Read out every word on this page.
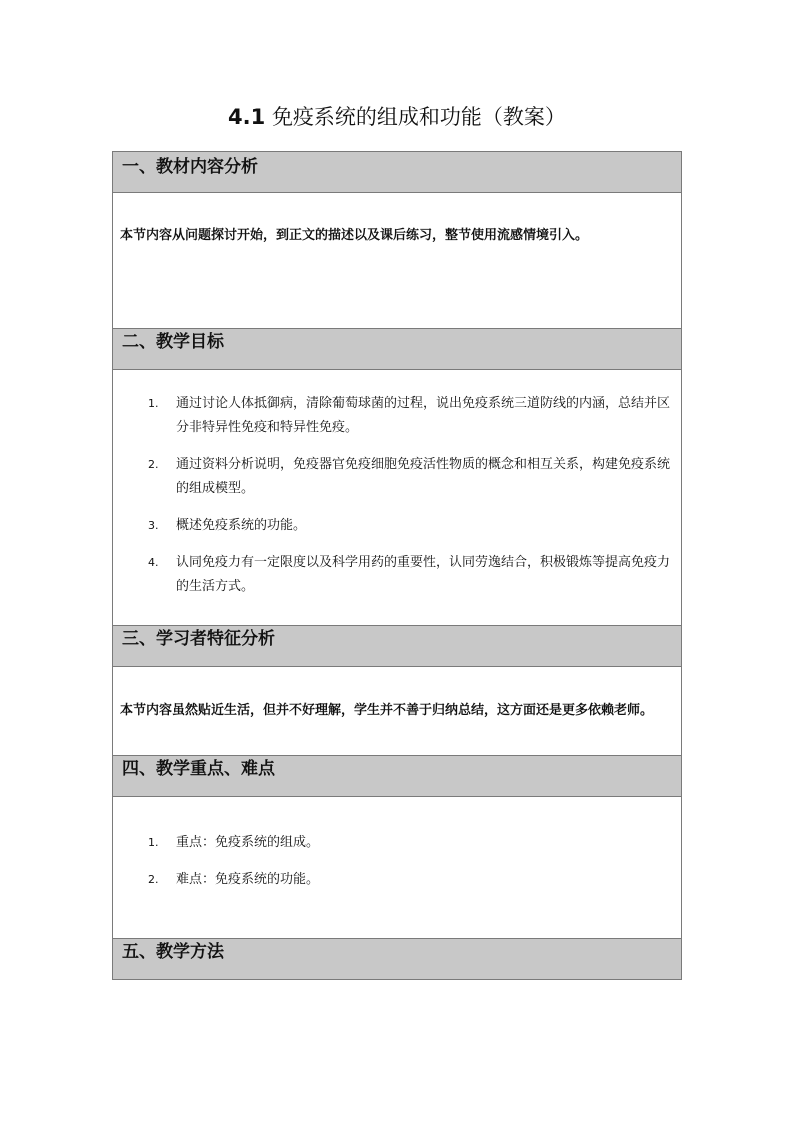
4.1 免疫系统的组成和功能（教案）
一、教材内容分析

本节内容从问题探讨开始，到正文的描述以及课后练习，整节使用流感情境引入。

二、教学目标

1. 通过讨论人体抵御病，清除葡萄球菌的过程，说出免疫系统三道防线的内涵，总结并区分非特异性免疫和特异性免疫。
2. 通过资料分析说明，免疫器官免疫细胞免疫活性物质的概念和相互关系，构建免疫系统的组成模型。
3. 概述免疫系统的功能。
4. 认同免疫力有一定限度以及科学用药的重要性，认同劳逸结合，积极锻炼等提高免疫力的生活方式。

三、学习者特征分析

本节内容虽然贴近生活，但并不好理解，学生并不善于归纳总结，这方面还是更多依赖老师。

四、教学重点、难点

1. 重点：免疫系统的组成。
2. 难点：免疫系统的功能。

五、教学方法
